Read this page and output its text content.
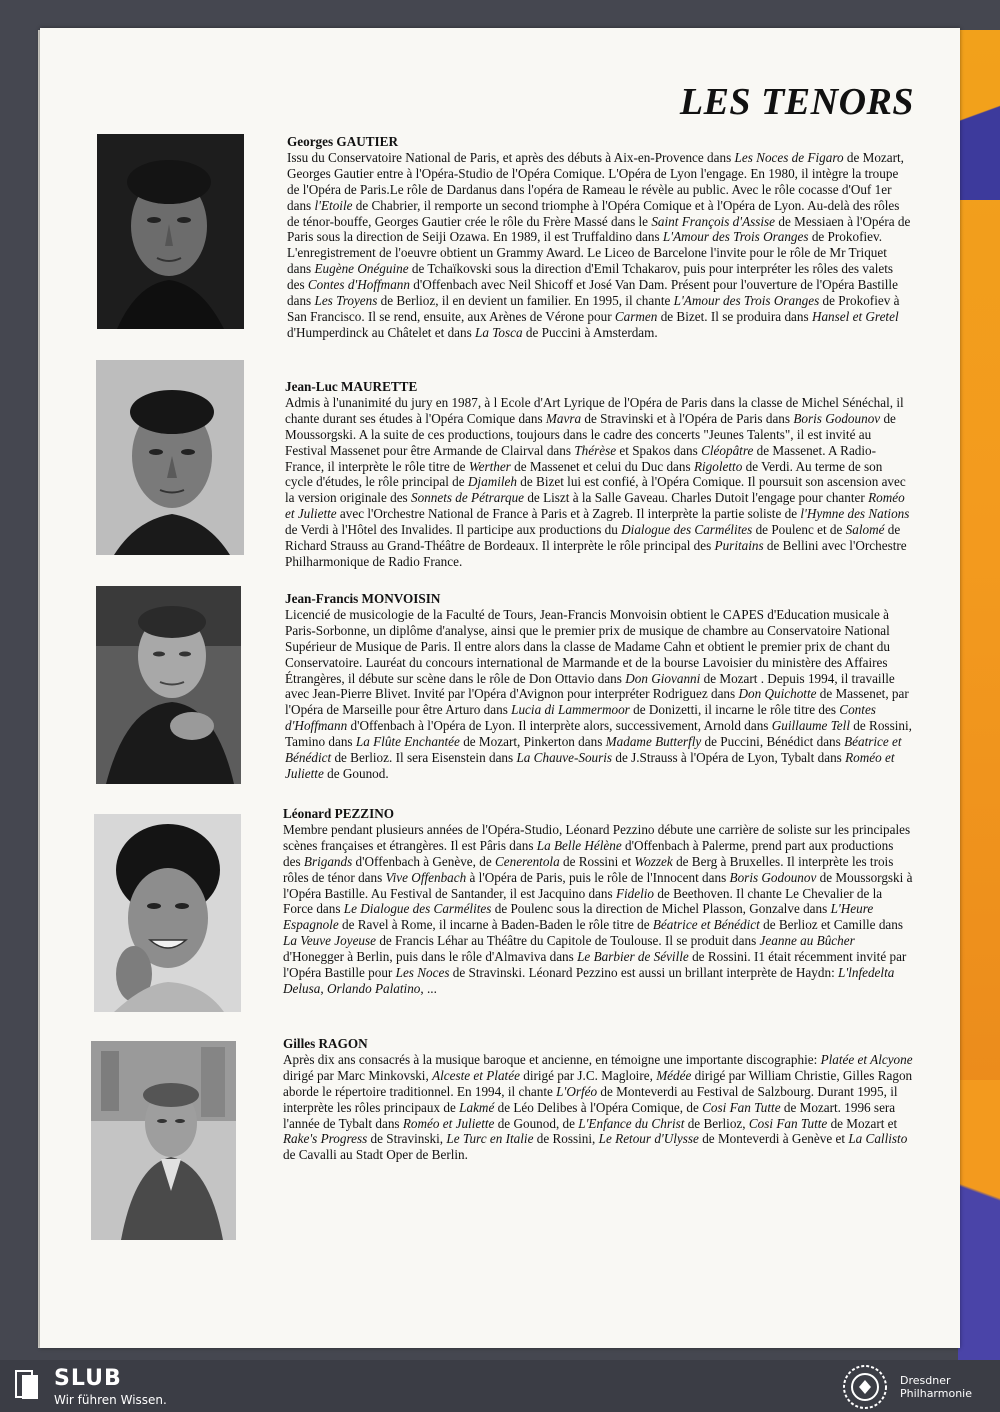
LES TENORS
Georges GAUTIER
Issu du Conservatoire National de Paris, et après des débuts à Aix-en-Provence dans Les Noces de Figaro de Mozart, Georges Gautier entre à l'Opéra-Studio de l'Opéra Comique. L'Opéra de Lyon l'engage. En 1980, il intègre la troupe de l'Opéra de Paris.Le rôle de Dardanus dans l'opéra de Rameau le révèle au public. Avec le rôle cocasse d'Ouf 1er dans l'Etoile de Chabrier, il remporte un second triomphe à l'Opéra Comique et à l'Opéra de Lyon. Au-delà des rôles de ténor-bouffe, Georges Gautier crée le rôle du Frère Massé dans le Saint François d'Assise de Messiaen à l'Opéra de Paris sous la direction de Seiji Ozawa. En 1989, il est Truffaldino dans L'Amour des Trois Oranges de Prokofiev. L'enregistrement de l'oeuvre obtient un Grammy Award. Le Liceo de Barcelone l'invite pour le rôle de Mr Triquet dans Eugène Onéguine de Tchaïkovski sous la direction d'Emil Tchakarov, puis pour interpréter les rôles des valets des Contes d'Hoffmann d'Offenbach avec Neil Shicoff et José Van Dam. Présent pour l'ouverture de l'Opéra Bastille dans Les Troyens de Berlioz, il en devient un familier. En 1995, il chante L'Amour des Trois Oranges de Prokofiev à San Francisco. Il se rend, ensuite, aux Arènes de Vérone pour Carmen de Bizet. Il se produira dans Hansel et Gretel d'Humperdinck au Châtelet et dans La Tosca de Puccini à Amsterdam.
Jean-Luc MAURETTE
Admis à l'unanimité du jury en 1987, à l Ecole d'Art Lyrique de l'Opéra de Paris dans la classe de Michel Sénéchal, il chante durant ses études à l'Opéra Comique dans Mavra de Stravinski et à l'Opéra de Paris dans Boris Godounov de Moussorgski. A la suite de ces productions, toujours dans le cadre des concerts "Jeunes Talents", il est invité au Festival Massenet pour être Armande de Clairval dans Thérèse et Spakos dans Cléopâtre de Massenet. A Radio-France, il interprète le rôle titre de Werther de Massenet et celui du Duc dans Rigoletto de Verdi. Au terme de son cycle d'études, le rôle principal de Djamileh de Bizet lui est confié, à l'Opéra Comique. Il poursuit son ascension avec la version originale des Sonnets de Pétrarque de Liszt à la Salle Gaveau. Charles Dutoit l'engage pour chanter Roméo et Juliette avec l'Orchestre National de France à Paris et à Zagreb. Il interprète la partie soliste de l'Hymne des Nations de Verdi à l'Hôtel des Invalides. Il participe aux productions du Dialogue des Carmélites de Poulenc et de Salomé de Richard Strauss au Grand-Théâtre de Bordeaux. Il interprète le rôle principal des Puritains de Bellini avec l'Orchestre Philharmonique de Radio France.
Jean-Francis MONVOISIN
Licencié de musicologie de la Faculté de Tours, Jean-Francis Monvoisin obtient le CAPES d'Education musicale à Paris-Sorbonne, un diplôme d'analyse, ainsi que le premier prix de musique de chambre au Conservatoire National Supérieur de Musique de Paris. Il entre alors dans la classe de Madame Cahn et obtient le premier prix de chant du Conservatoire. Lauréat du concours international de Marmande et de la bourse Lavoisier du ministère des Affaires Étrangères, il débute sur scène dans le rôle de Don Ottavio dans Don Giovanni de Mozart . Depuis 1994, il travaille avec Jean-Pierre Blivet. Invité par l'Opéra d'Avignon pour interpréter Rodriguez dans Don Quichotte de Massenet, par l'Opéra de Marseille pour être Arturo dans Lucia di Lammermoor de Donizetti, il incarne le rôle titre des Contes d'Hoffmann d'Offenbach à l'Opéra de Lyon. Il interprète alors, successivement, Arnold dans Guillaume Tell de Rossini, Tamino dans La Flûte Enchantée de Mozart, Pinkerton dans Madame Butterfly de Puccini, Bénédict dans Béatrice et Bénédict de Berlioz. Il sera Eisenstein dans La Chauve-Souris de J.Strauss à l'Opéra de Lyon, Tybalt dans Roméo et Juliette de Gounod.
Léonard PEZZINO
Membre pendant plusieurs années de l'Opéra-Studio, Léonard Pezzino débute une carrière de soliste sur les principales scènes françaises et étrangères. Il est Pâris dans La Belle Hélène d'Offenbach à Palerme, prend part aux productions des Brigands d'Offenbach à Genève, de Cenerentola de Rossini et Wozzek de Berg à Bruxelles. Il interprète les trois rôles de ténor dans Vive Offenbach à l'Opéra de Paris, puis le rôle de l'Innocent dans Boris Godounov de Moussorgski à l'Opéra Bastille. Au Festival de Santander, il est Jacquino dans Fidelio de Beethoven. Il chante Le Chevalier de la Force dans Le Dialogue des Carmélites de Poulenc sous la direction de Michel Plasson, Gonzalve dans L'Heure Espagnole de Ravel à Rome, il incarne à Baden-Baden le rôle titre de Béatrice et Bénédict de Berlioz et Camille dans La Veuve Joyeuse de Francis Léhar au Théâtre du Capitole de Toulouse. Il se produit dans Jeanne au Bûcher d'Honegger à Berlin, puis dans le rôle d'Almaviva dans Le Barbier de Séville de Rossini. I1 était récemment invité par l'Opéra Bastille pour Les Noces de Stravinski. Léonard Pezzino est aussi un brillant interprète de Haydn: L'lnfedelta Delusa, Orlando Palatino, ...
Gilles RAGON
Après dix ans consacrés à la musique baroque et ancienne, en témoigne une importante discographie: Platée et Alcyone dirigé par Marc Minkovski, Alceste et Platée dirigé par J.C. Magloire, Médée dirigé par William Christie, Gilles Ragon aborde le répertoire traditionnel. En 1994, il chante L'Orféo de Monteverdi au Festival de Salzbourg. Durant 1995, il interprète les rôles principaux de Lakmé de Léo Delibes à l'Opéra Comique, de Cosi Fan Tutte de Mozart. 1996 sera l'année de Tybalt dans Roméo et Juliette de Gounod, de L'Enfance du Christ de Berlioz, Cosi Fan Tutte de Mozart et Rake's Progress de Stravinski, Le Turc en Italie de Rossini, Le Retour d'Ulysse de Monteverdi à Genève et La Callisto de Cavalli au Stadt Oper de Berlin.
SLUB
Wir führen Wissen.
Dresdner
Philharmonie
